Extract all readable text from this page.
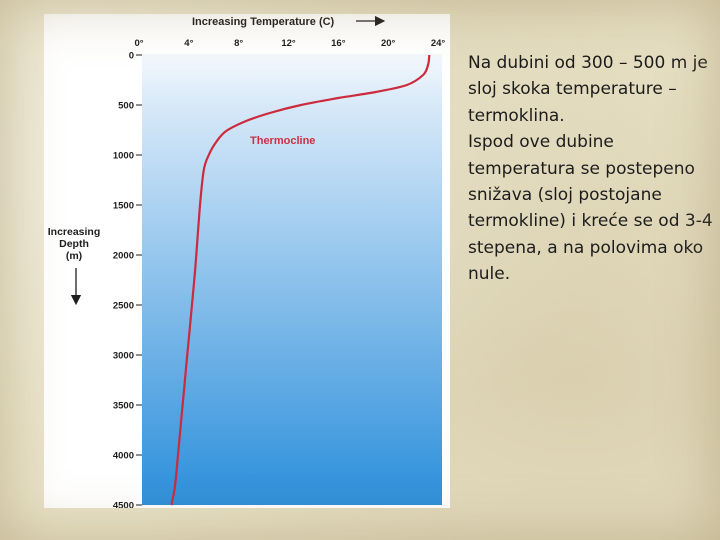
Increasing Temperature (C)
0°	4°	8°	12°	16°	20°	24°
0
500
1000
1500
2000
2500
3000
3500
4000
4500
Increasing
Depth
(m)
Thermocline

Na dubini od 300 – 500 m je sloj skoka temperature – termoklina.

Ispod ove dubine temperatura se postepeno snižava (sloj postojane termokline) i kreće se od 3-4 stepena, a na polovima oko nule.
